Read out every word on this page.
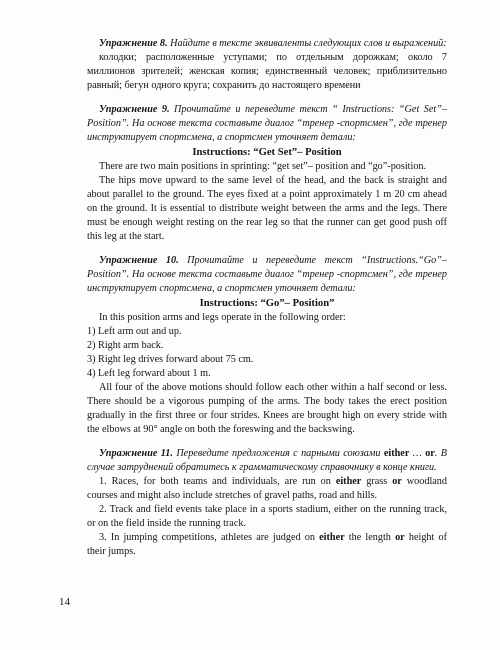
Упражнение 8. Найдите в тексте эквиваленты следующих слов и выражений:

колодки; расположенные уступами; по отдельным дорожкам; около 7 миллионов зрителей; женская копия; единственный человек; приблизительно равный; бегун одного круга; сохранить до настоящего времени

Упражнение 9. Прочитайте и переведите текст “ Instructions: “Get Set”– Position”. На основе текста составьте диалог “тренер -спортсмен”, где тренер инструктирует спортсмена, а спортсмен уточняет детали:

Instructions: “Get Set”– Position

There are two main positions in sprinting: “get set”– position and “go”-position.

The hips move upward to the same level of the head, and the back is straight and about parallel to the ground. The eyes fixed at a point approximately 1 m 20 cm ahead on the ground. It is essential to distribute weight between the arms and the legs. There must be enough weight resting on the rear leg so that the runner can get good push off this leg at the start.

Упражнение 10. Прочитайте и переведите текст “Instructions.“Go”– Position”. На основе текста составьте диалог “тренер -спортсмен”, где тренер инструктирует спортсмена, а спортсмен уточняет детали:

Instructions: “Go”– Position”

In this position arms and legs operate in the following order:

1) Left arm out and up.

2) Right arm back.

3) Right leg drives forward about 75 cm.

4) Left leg forward about 1 m.

All four of the above motions should follow each other within a half second or less. There should be a vigorous pumping of the arms. The body takes the erect position gradually in the first three or four strides. Knees are brought high on every stride with the elbows at 90° angle on both the foreswing and the backswing.

Упражнение 11. Переведите предложения с парными союзами either … or. В случае затруднений обратитесь к грамматическому справочнику в конце книги.

1. Races, for both teams and individuals, are run on either grass or woodland courses and might also include stretches of gravel paths, road and hills.

2. Track and field events take place in a sports stadium, either on the running track, or on the field inside the running track.

3. In jumping competitions, athletes are judged on either the length or height of their jumps.

14
